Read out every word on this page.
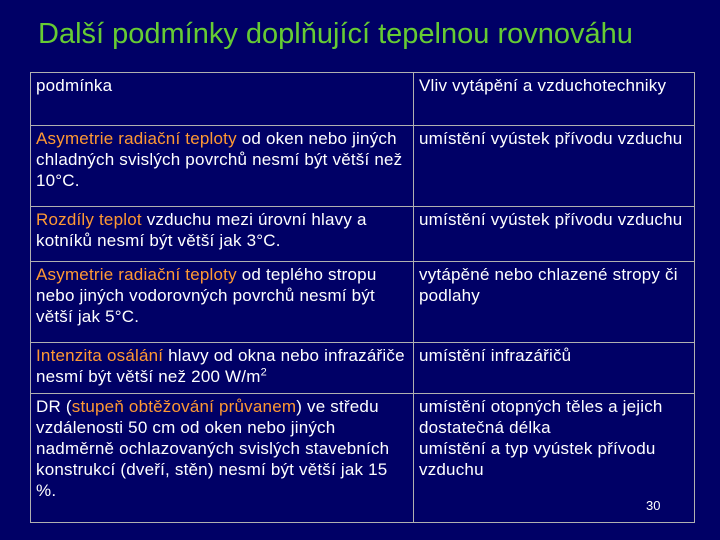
Další podmínky doplňující tepelnou rovnováhu
podmínka	Vliv vytápění a vzduchotechniky
Asymetrie radiační teploty od oken nebo jiných chladných svislých povrchů nesmí být větší než 10°C.	umístění vyústek přívodu vzduchu
Rozdíly teplot vzduchu mezi úrovní hlavy a kotníků nesmí být větší jak 3°C.	umístění vyústek přívodu vzduchu
Asymetrie radiační teploty od teplého stropu nebo jiných vodorovných povrchů nesmí být větší jak 5°C.	vytápěné nebo chlazené stropy či podlahy
Intenzita osálání hlavy od okna nebo infrazářiče nesmí být větší než 200 $W/m^2$	umístění infrazářičů
DR (stupeň obtěžování průvanem) ve středu vzdálenosti 50 cm od oken nebo jiných nadměrně ochlazovaných svislých stavebních konstrukcí (dveří, stěn) nesmí být větší jak 15 %.	umístění otopných těles a jejich dostatečná délka
umístění a typ vyústek přívodu vzduchu
30
